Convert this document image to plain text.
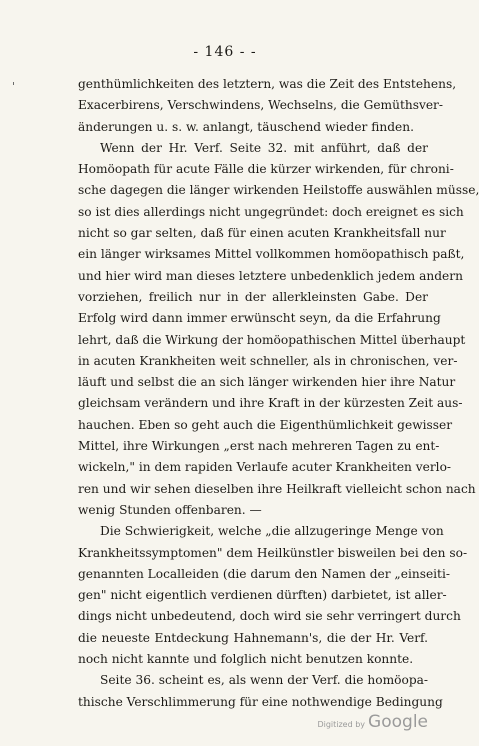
- 146 - -
'	genthümlichkeiten des letztern, was die Zeit des Entstehens,
Exacerbirens, Verschwindens, Wechselns, die Gemüthsver-
änderungen u. s. w. anlangt, täuschend wieder finden.
Wenn der Hr. Verf. Seite 32. mit anführt, daß der
Homöopath für acute Fälle die kürzer wirkenden, für chroni-
sche dagegen die länger wirkenden Heilstoffe auswählen müsse,
so ist dies allerdings nicht ungegründet: doch ereignet es sich
nicht so gar selten, daß für einen acuten Krankheitsfall nur
ein länger wirksames Mittel vollkommen homöopathisch paßt,
und hier wird man dieses letztere unbedenklich jedem andern
vorziehen, freilich nur in der allerkleinsten Gabe. Der
Erfolg wird dann immer erwünscht seyn, da die Erfahrung
lehrt, daß die Wirkung der homöopathischen Mittel überhaupt
in acuten Krankheiten weit schneller, als in chronischen, ver-
läuft und selbst die an sich länger wirkenden hier ihre Natur
gleichsam verändern und ihre Kraft in der kürzesten Zeit aus-
hauchen. Eben so geht auch die Eigenthümlichkeit gewisser
Mittel, ihre Wirkungen „erst nach mehreren Tagen zu ent-
wickeln," in dem rapiden Verlaufe acuter Krankheiten verlo-
ren und wir sehen dieselben ihre Heilkraft vielleicht schon nach
wenig Stunden offenbaren. —
Die Schwierigkeit, welche „die allzugeringe Menge von
Krankheitssymptomen" dem Heilkünstler bisweilen bei den so-
genannten Localleiden (die darum den Namen der „einseiti-
gen" nicht eigentlich verdienen dürften) darbietet, ist aller-
dings nicht unbedeutend, doch wird sie sehr verringert durch
die neueste Entdeckung Hahnemann's, die der Hr. Verf.
noch nicht kannte und folglich nicht benutzen konnte.
Seite 36. scheint es, als wenn der Verf. die homöopa-
thische Verschlimmerung für eine nothwendige Bedingung
Digitized by Google
